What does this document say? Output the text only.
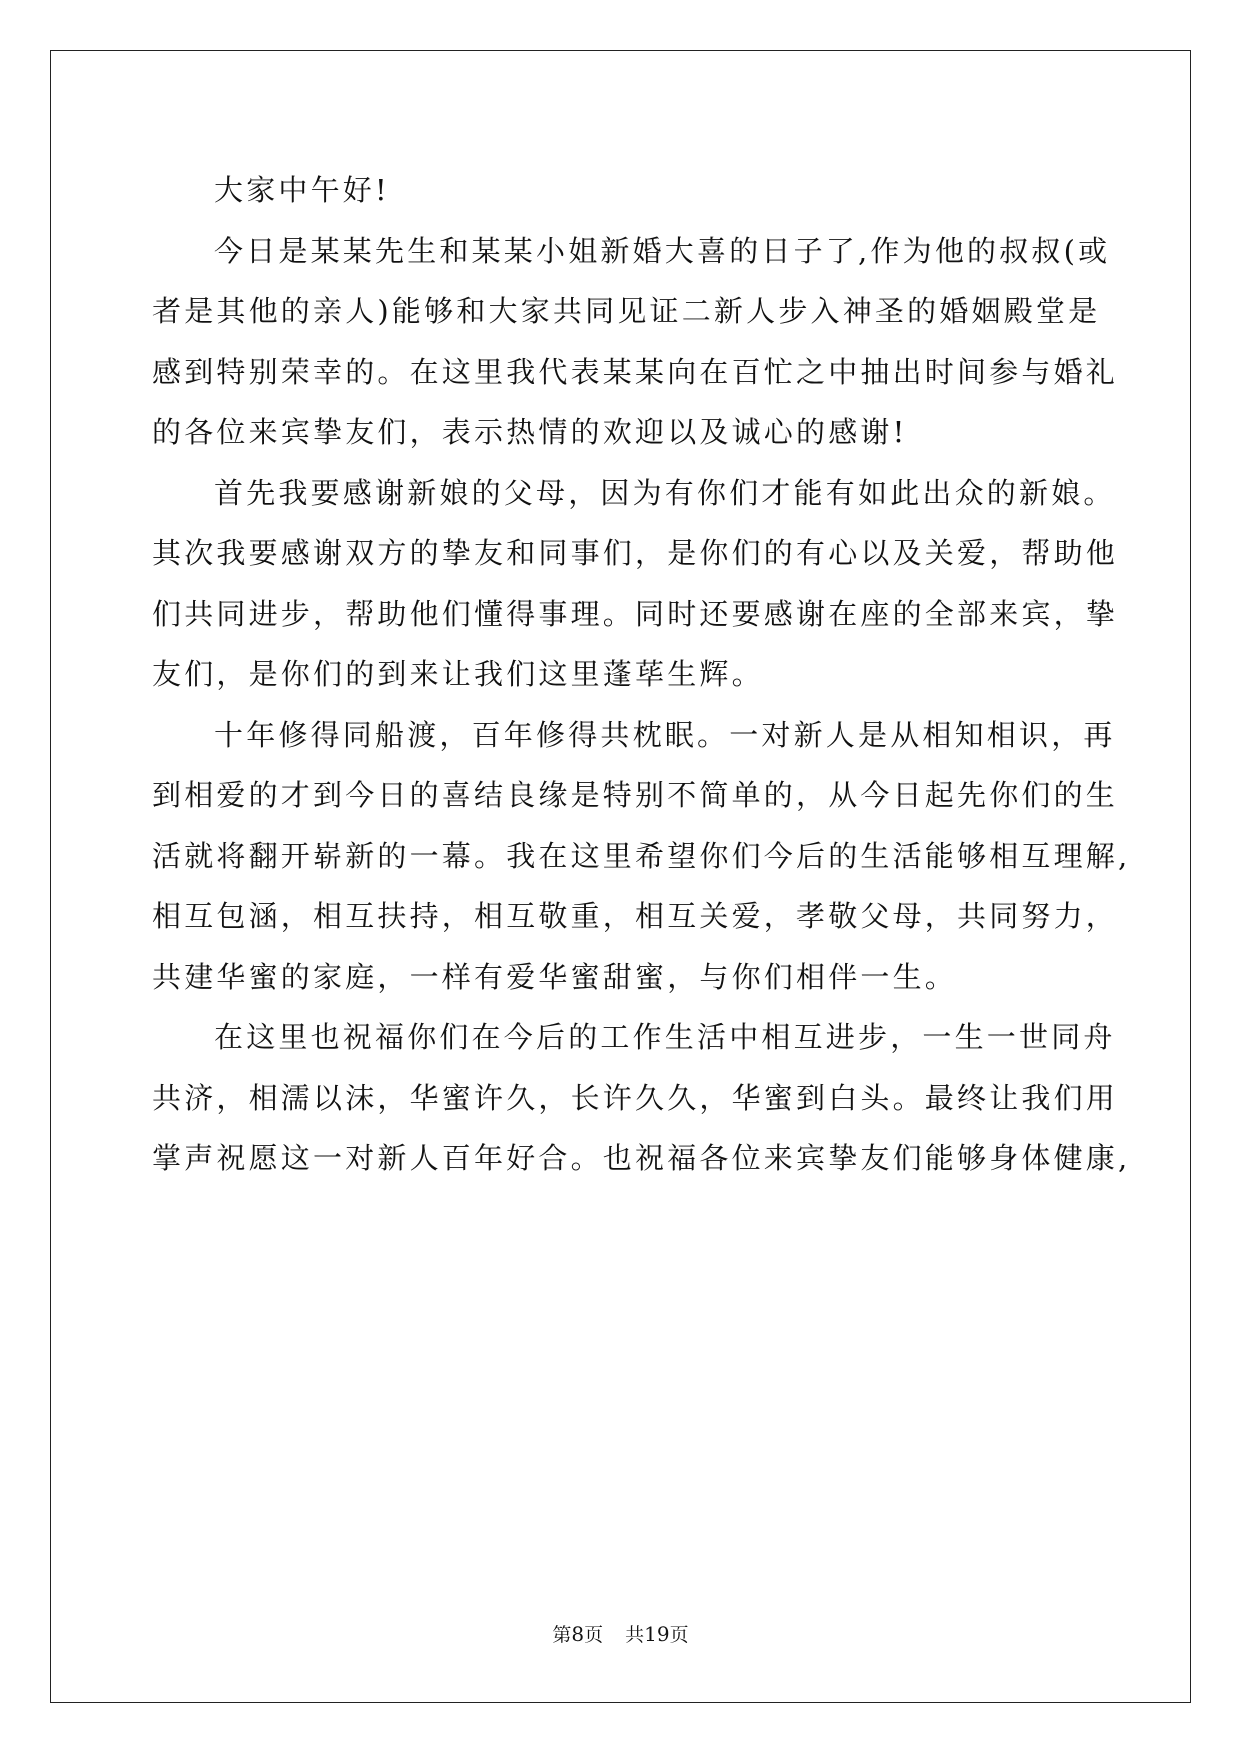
大家中午好!
今日是某某先生和某某小姐新婚大喜的日子了,作为他的叔叔(或
者是其他的亲人)能够和大家共同见证二新人步入神圣的婚姻殿堂是
感到特别荣幸的。在这里我代表某某向在百忙之中抽出时间参与婚礼
的各位来宾挚友们，表示热情的欢迎以及诚心的感谢!
首先我要感谢新娘的父母，因为有你们才能有如此出众的新娘。
其次我要感谢双方的挚友和同事们，是你们的有心以及关爱，帮助他
们共同进步，帮助他们懂得事理。同时还要感谢在座的全部来宾，挚
友们，是你们的到来让我们这里蓬荜生辉。
十年修得同船渡，百年修得共枕眠。一对新人是从相知相识，再
到相爱的才到今日的喜结良缘是特别不简单的，从今日起先你们的生
活就将翻开崭新的一幕。我在这里希望你们今后的生活能够相互理解,
相互包涵，相互扶持，相互敬重，相互关爱，孝敬父母，共同努力，
共建华蜜的家庭，一样有爱华蜜甜蜜，与你们相伴一生。
在这里也祝福你们在今后的工作生活中相互进步，一生一世同舟
共济，相濡以沫，华蜜许久，长许久久，华蜜到白头。最终让我们用
掌声祝愿这一对新人百年好合。也祝福各位来宾挚友们能够身体健康,
第8页 共19页
